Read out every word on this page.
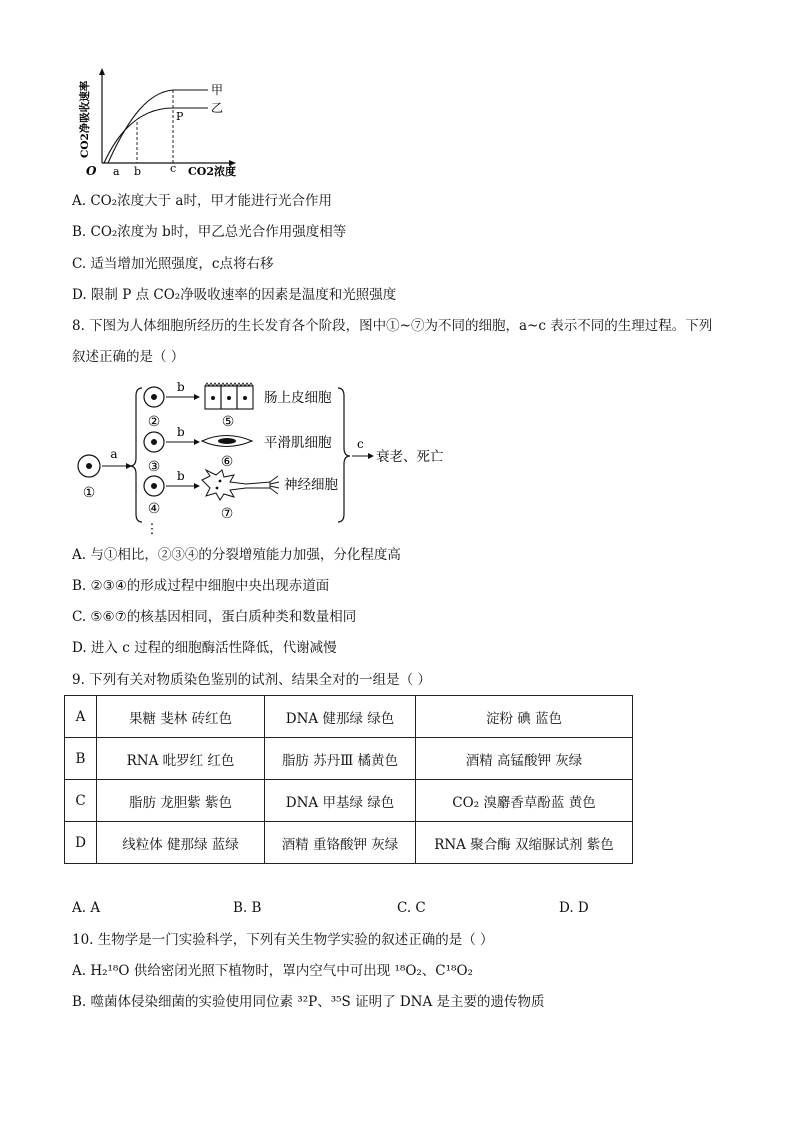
O a b	c
甲
乙
P
CO2浓度
CO2净吸收速率
A. CO₂浓度大于 a时，甲才能进行光合作用
B. CO₂浓度为 b时，甲乙总光合作用强度相等
C. 适当增加光照强度，c点将右移
D. 限制 P 点 CO₂净吸收速率的因素是温度和光照强度
8. 下图为人体细胞所经历的生长发育各个阶段，图中①~⑦为不同的细胞，a~c 表示不同的生理过程。下列
叙述正确的是（ ）
①
a
②
③
④
⋮
b
b
b
⑤
肠上皮细胞
⑥
平滑肌细胞
⑦
神经细胞
c
衰老、死亡
A. 与①相比，②③④的分裂增殖能力加强，分化程度高
B. ②③④的形成过程中细胞中央出现赤道面
C. ⑤⑥⑦的核基因相同，蛋白质种类和数量相同
D. 进入 c 过程的细胞酶活性降低，代谢减慢
9. 下列有关对物质染色鉴别的试剂、结果全对的一组是（ ）
A	果糖 斐林 砖红色	DNA 健那绿 绿色	淀粉 碘 蓝色
B	RNA 吡罗红 红色	脂肪 苏丹Ⅲ 橘黄色	酒精 高锰酸钾 灰绿
C	脂肪 龙胆紫 紫色	DNA 甲基绿 绿色	CO₂ 溴麝香草酚蓝 黄色
D	线粒体 健那绿 蓝绿	酒精 重铬酸钾 灰绿	RNA 聚合酶 双缩脲试剂 紫色
A. A	B. B	C. C	D. D
10. 生物学是一门实验科学，下列有关生物学实验的叙述正确的是（ ）
A. H₂¹⁸O 供给密闭光照下植物时，罩内空气中可出现 ¹⁸O₂、C¹⁸O₂
B. 噬菌体侵染细菌的实验使用同位素 ³²P、³⁵S 证明了 DNA 是主要的遗传物质
